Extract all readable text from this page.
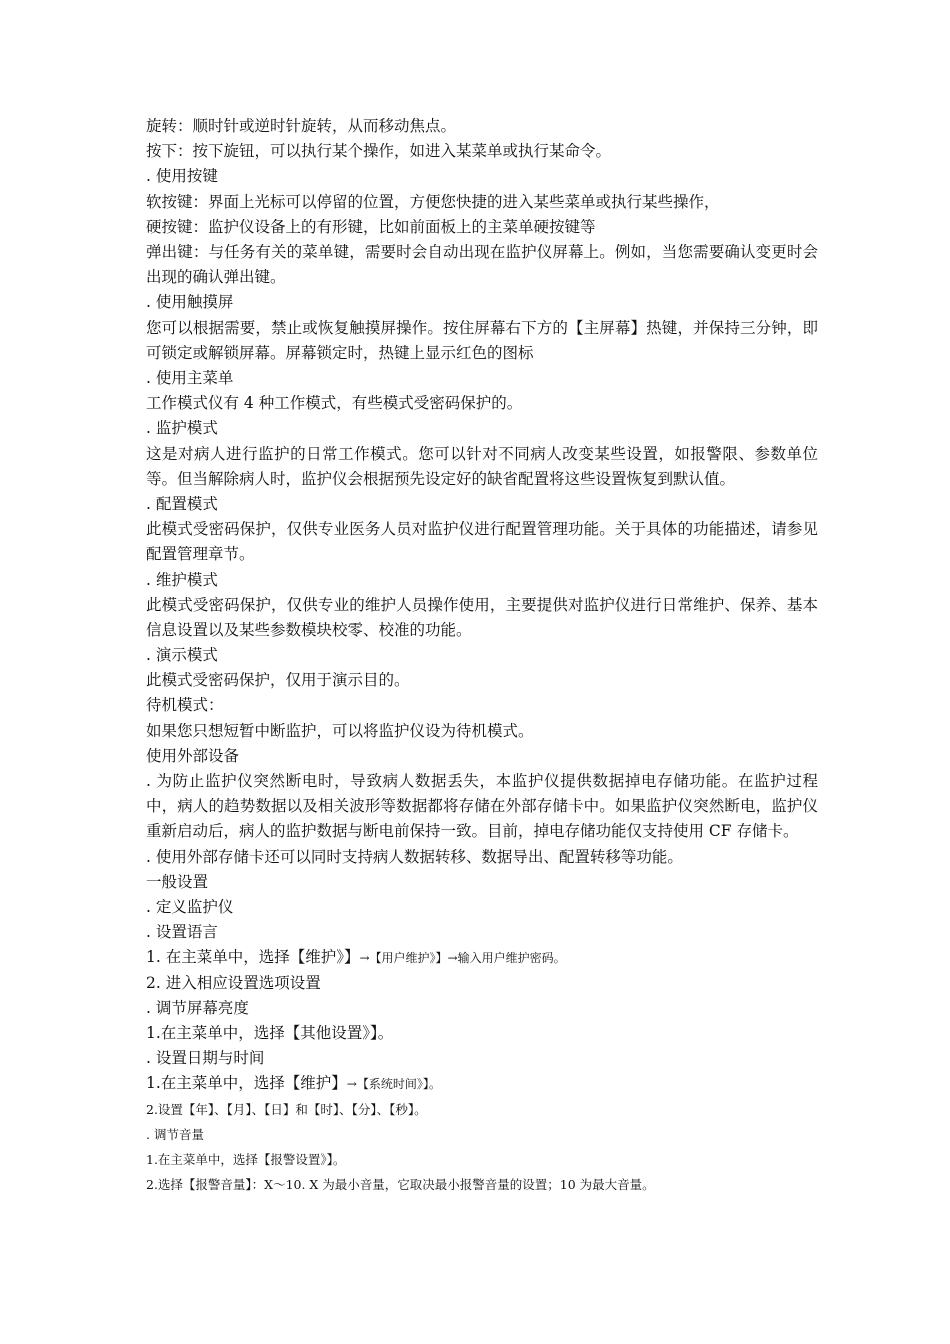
旋转：顺时针或逆时针旋转，从而移动焦点。
按下：按下旋钮，可以执行某个操作，如进入某菜单或执行某命令。
. 使用按键
软按键：界面上光标可以停留的位置，方便您快捷的进入某些菜单或执行某些操作，
硬按键：监护仪设备上的有形键，比如前面板上的主菜单硬按键等
弹出键：与任务有关的菜单键，需要时会自动出现在监护仪屏幕上。例如，当您需要确认变更时会出现的确认弹出键。
. 使用触摸屏
您可以根据需要，禁止或恢复触摸屏操作。按住屏幕右下方的【主屏幕】热键，并保持三分钟，即可锁定或解锁屏幕。屏幕锁定时，热键上显示红色的图标
. 使用主菜单
工作模式仪有 4 种工作模式，有些模式受密码保护的。
. 监护模式
这是对病人进行监护的日常工作模式。您可以针对不同病人改变某些设置，如报警限、参数单位等。但当解除病人时，监护仪会根据预先设定好的缺省配置将这些设置恢复到默认值。
. 配置模式
此模式受密码保护，仅供专业医务人员对监护仪进行配置管理功能。关于具体的功能描述，请参见配置管理章节。
. 维护模式
此模式受密码保护，仅供专业的维护人员操作使用，主要提供对监护仪进行日常维护、保养、基本信息设置以及某些参数模块校零、校准的功能。
. 演示模式
此模式受密码保护，仅用于演示目的。
待机模式：
如果您只想短暂中断监护，可以将监护仪设为待机模式。
使用外部设备
. 为防止监护仪突然断电时，导致病人数据丢失，本监护仪提供数据掉电存储功能。在监护过程中，病人的趋势数据以及相关波形等数据都将存储在外部存储卡中。如果监护仪突然断电，监护仪重新启动后，病人的监护数据与断电前保持一致。目前，掉电存储功能仅支持使用 CF 存储卡。
. 使用外部存储卡还可以同时支持病人数据转移、数据导出、配置转移等功能。
一般设置
. 定义监护仪
. 设置语言
1. 在主菜单中，选择【维护》】→【用户维护》】→输入用户维护密码。
2. 进入相应设置选项设置
. 调节屏幕亮度
1.在主菜单中，选择【其他设置》】。
. 设置日期与时间
1.在主菜单中，选择【维护】→【系统时间》】。
2.设置【年】、【月】、【日】和【时】、【分】、【秒】。
. 调节音量
1.在主菜单中，选择【报警设置》】。
2.选择【报警音量】：X～10. X 为最小音量，它取决最小报警音量的设置；10 为最大音量。
